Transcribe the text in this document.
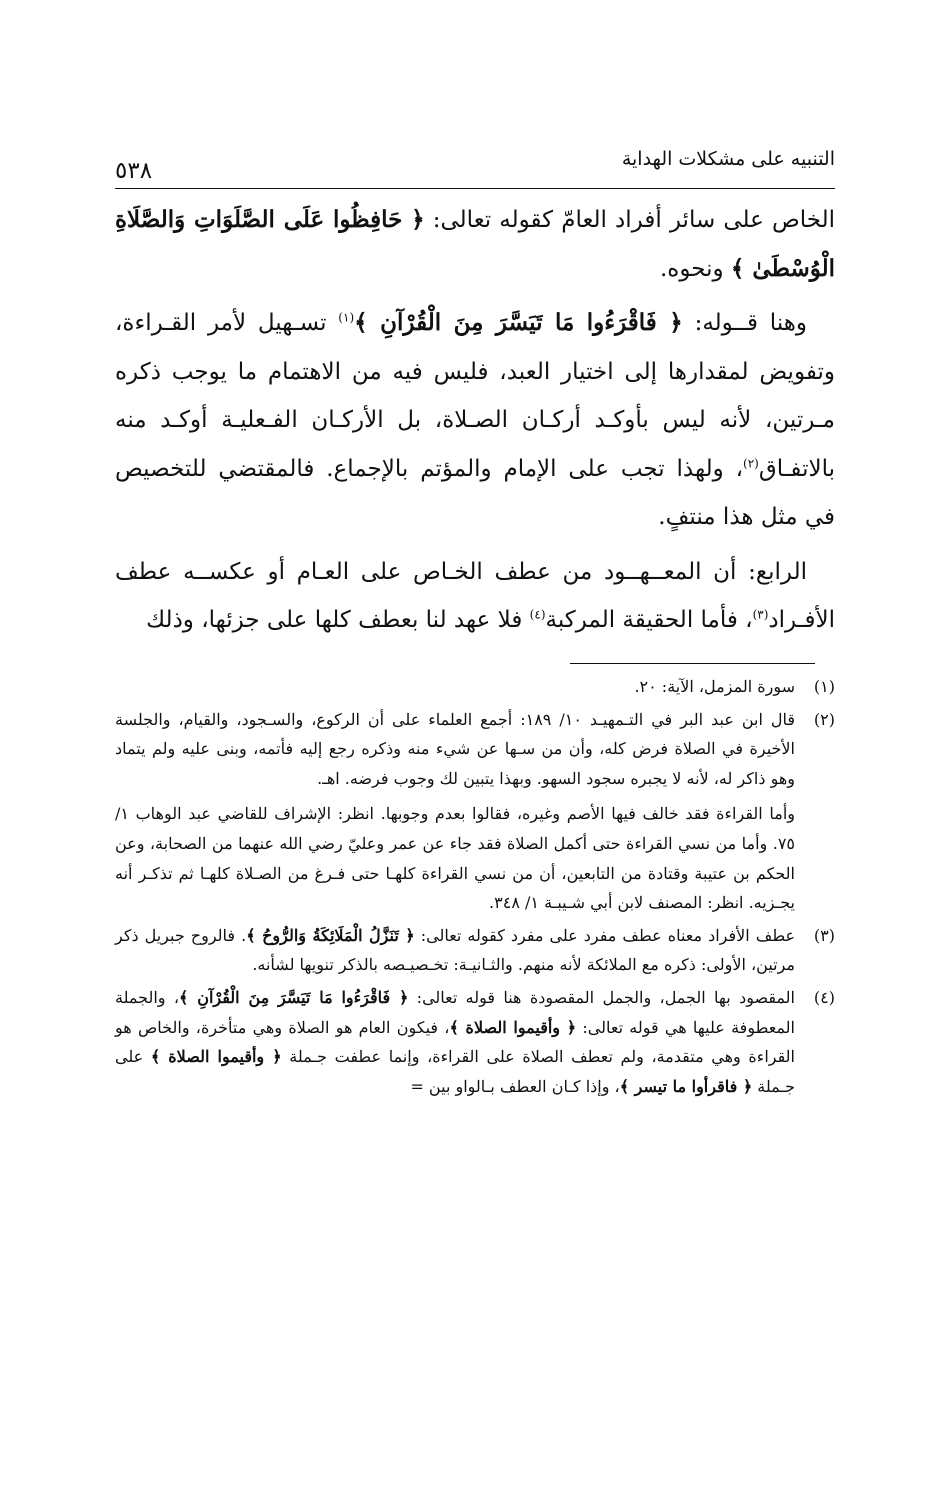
التنبيه على مشكلات الهداية
٥٣٨

الخاص على سائر أفراد العامّ كقوله تعالى: ﴿ حَافِظُوا عَلَى الصَّلَوَاتِ وَالصَّلَاةِ الْوُسْطَىٰ ﴾ ونحوه.

وهنا قــوله: ﴿ فَاقْرَءُوا مَا تَيَسَّرَ مِنَ الْقُرْآنِ ﴾$^{(١)}$ تسـهيل لأمر القـراءة، وتفويض لمقدارها إلى اختيار العبد، فليس فيه من الاهتمام ما يوجب ذكره مـرتين، لأنه ليس بأوكـد أركـان الصـلاة، بل الأركـان الفـعليـة أوكـد منه بالاتفـاق$^{(٢)}$، ولهذا تجب على الإمام والمؤتم بالإجماع. فالمقتضي للتخصيص في مثل هذا منتفٍ.

الرابع: أن المعــهــود من عطف الخـاص على العـام أو عكســه عطف الأفـراد$^{(٣)}$، فأما الحقيقة المركبة$^{(٤)}$ فلا عهد لنا بعطف كلها على جزئها، وذلك

(١)

سورة المزمل، الآية: ٢٠.

(٢)

قال ابن عبد البر في التـمهيـد ١٠/ ١٨٩: أجمع العلماء على أن الركوع، والسـجود، والقيام، والجلسة الأخيرة في الصلاة فرض كله، وأن من سـها عن شيء منه وذكره رجع إليه فأتمه، وبنى عليه ولم يتماد وهو ذاكر له، لأنه لا يجبره سجود السهو. وبهذا يتبين لك وجوب فرضه. اهـ.

وأما القراءة فقد خالف فيها الأصم وغيره، فقالوا بعدم وجوبها. انظر: الإشراف للقاضي عبد الوهاب ١/ ٧٥. وأما من نسي القراءة حتى أكمل الصلاة فقد جاء عن عمر وعليّ رضي الله عنهما من الصحابة، وعن الحكم بن عتيبة وقتادة من التابعين، أن من نسي القراءة كلهـا حتى فـرغ من الصـلاة كلهـا ثم تذكـر أنه يجـزيه. انظر: المصنف لابن أبي شـيبـة ١/ ٣٤٨.

(٣)

عطف الأفراد معناه عطف مفرد على مفرد كقوله تعالى: ﴿ تَنَزَّلُ الْمَلَائِكَةُ وَالرُّوحُ ﴾. فالروح جبريل ذكر مرتين، الأولى: ذكره مع الملائكة لأنه منهم. والثـانيـة: تخـصيـصه بالذكر تنويها لشأنه.

(٤)

المقصود بها الجمل، والجمل المقصودة هنا قوله تعالى: ﴿ فَاقْرَءُوا مَا تَيَسَّرَ مِنَ الْقُرْآنِ ﴾، والجملة المعطوفة عليها هي قوله تعالى: ﴿ وأقيموا الصلاة ﴾، فيكون العام هو الصلاة وهي متأخرة، والخاص هو القراءة وهي متقدمة، ولم تعطف الصلاة على القراءة، وإنما عطفت جـملة ﴿ وأقيموا الصلاة ﴾ على جـملة ﴿ فاقرأوا ما تيسر ﴾، وإذا كـان العطف بـالواو بين =
